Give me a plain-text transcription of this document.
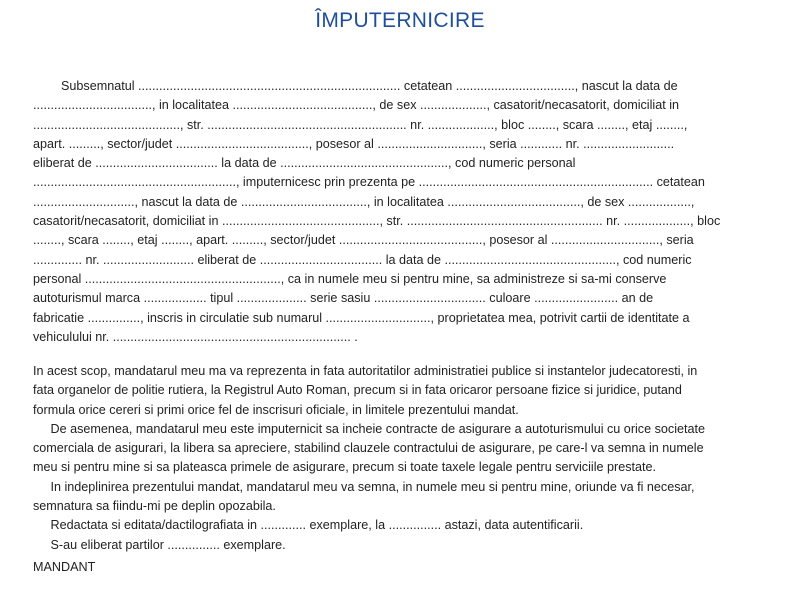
ÎMPUTERNICIRE
Subsemnatul ........................................................................... cetatean .................................., nascut la data de
.................................., in localitatea ........................................, de sex ..................., casatorit/necasatorit, domiciliat in
.........................................., str. ......................................................... nr. ..................., bloc ........, scara ........, etaj ........,
apart. ........., sector/judet ......................................, posesor al .............................., seria ............ nr. ..........................
eliberat de ................................... la data de ................................................, cod numeric personal
.........................................................., imputernicesc prin prezenta pe ................................................................... cetatean
............................., nascut la data de ...................................., in localitatea ......................................, de sex ..................,
casatorit/necasatorit, domiciliat in ............................................., str. ........................................................ nr. ..................., bloc
........, scara ........, etaj ........, apart. ........., sector/judet ........................................., posesor al ..............................., seria
.............. nr. .......................... eliberat de ................................... la data de ................................................., cod numeric
personal ........................................................, ca in numele meu si pentru mine, sa administreze si sa-mi conserve
autoturismul marca .................. tipul .................... serie sasiu ................................ culoare ........................ an de
fabricatie ..............., inscris in circulatie sub numarul .............................., proprietatea mea, potrivit cartii de identitate a
vehiculului nr. .................................................................... .
In acest scop, mandatarul meu ma va reprezenta in fata autoritatilor administratiei publice si instantelor judecatoresti, in
fata organelor de politie rutiera, la Registrul Auto Roman, precum si in fata oricaror persoane fizice si juridice, putand
formula orice cereri si primi orice fel de inscrisuri oficiale, in limitele prezentului mandat.
De asemenea, mandatarul meu este imputernicit sa incheie contracte de asigurare a autoturismului cu orice societate
comerciala de asigurari, la libera sa apreciere, stabilind clauzele contractului de asigurare, pe care-l va semna in numele
meu si pentru mine si sa plateasca primele de asigurare, precum si toate taxele legale pentru serviciile prestate.
In indeplinirea prezentului mandat, mandatarul meu va semna, in numele meu si pentru mine, oriunde va fi necesar,
semnatura sa fiindu-mi pe deplin opozabila.
Redactata si editata/dactilografiata in ............. exemplare, la ............... astazi, data autentificarii.
S-au eliberat partilor ............... exemplare.
MANDANT
